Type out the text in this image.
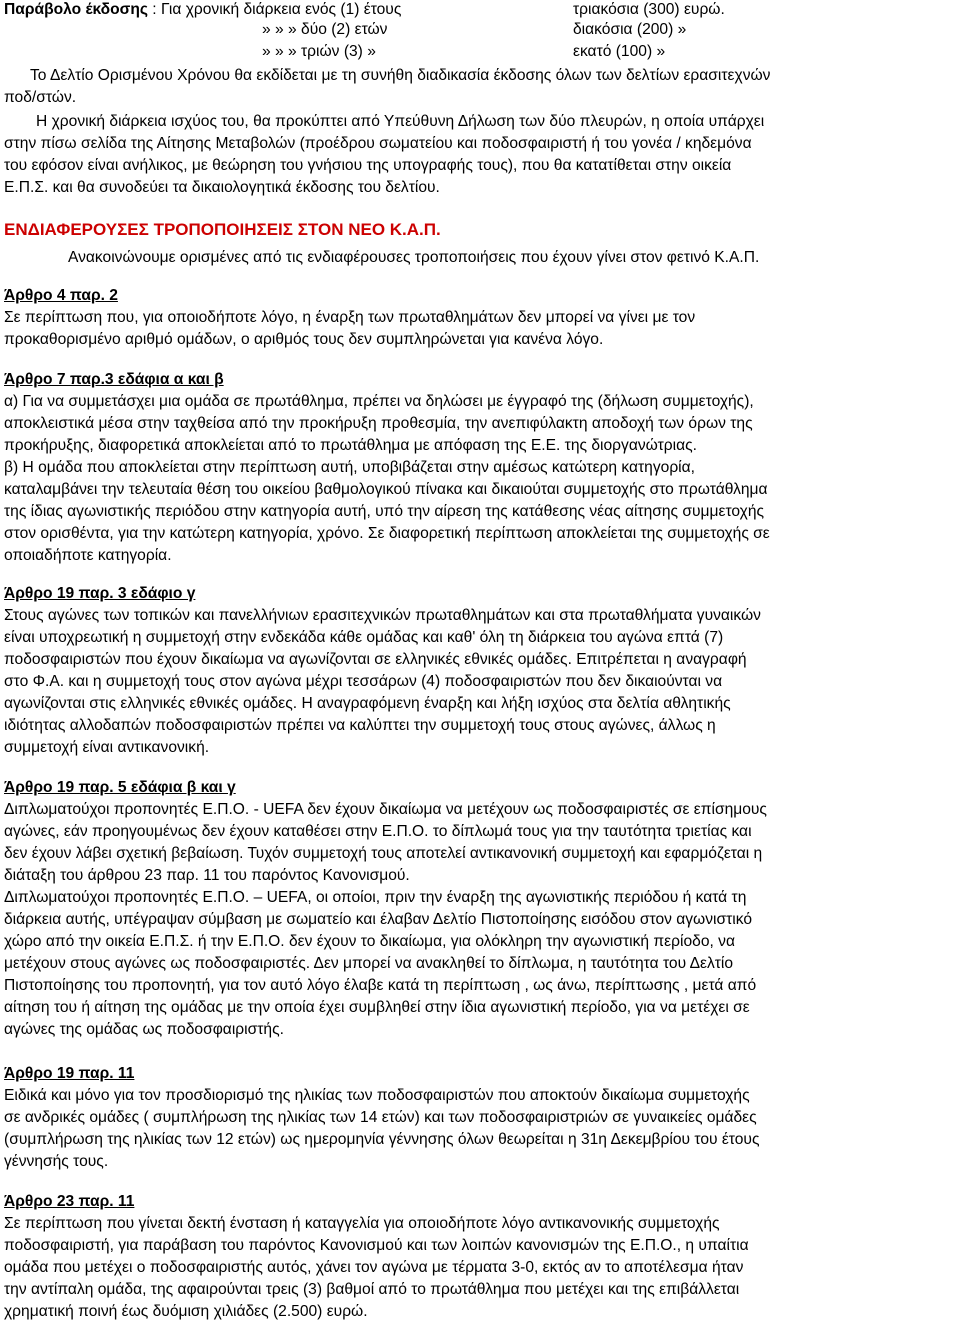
Παράβολο έκδοσης : Για χρονική διάρκεια ενός (1) έτους	τριακόσια (300) ευρώ.
» » » δύο (2) ετών	διακόσια (200) »
» » » τριών (3) »	εκατό (100) »
Το Δελτίο Ορισμένου Χρόνου θα εκδίδεται με τη συνήθη διαδικασία έκδοσης όλων των δελτίων ερασιτεχνών
ποδ/στών.
Η χρονική διάρκεια ισχύος του, θα προκύπτει από Υπεύθυνη Δήλωση των δύο πλευρών, η οποία υπάρχει
στην πίσω σελίδα της Αίτησης Μεταβολών (προέδρου σωματείου και ποδοσφαιριστή ή του γονέα / κηδεμόνα
του εφόσον είναι ανήλικος, με θεώρηση του γνήσιου της υπογραφής τους), που θα κατατίθεται στην οικεία
Ε.Π.Σ. και θα συνοδεύει τα δικαιολογητικά έκδοσης του δελτίου.
ΕΝΔΙΑΦΕΡΟΥΣΕΣ ΤΡΟΠΟΠΟΙΗΣΕΙΣ ΣΤΟΝ ΝΕΟ Κ.Α.Π.
Ανακοινώνουμε ορισμένες από τις ενδιαφέρουσες τροποποιήσεις που έχουν γίνει στον φετινό Κ.Α.Π.
Άρθρο 4 παρ. 2
Σε περίπτωση που, για οποιοδήποτε λόγο, η έναρξη των πρωταθλημάτων δεν μπορεί να γίνει με τον
προκαθορισμένο αριθμό ομάδων, ο αριθμός τους δεν συμπληρώνεται για κανένα λόγο.
Άρθρο 7 παρ.3 εδάφια α και β
α) Για να συμμετάσχει μια ομάδα σε πρωτάθλημα, πρέπει να δηλώσει με έγγραφό της (δήλωση συμμετοχής),
αποκλειστικά μέσα στην ταχθείσα από την προκήρυξη προθεσμία, την ανεπιφύλακτη αποδοχή των όρων της
προκήρυξης, διαφορετικά αποκλείεται από το πρωτάθλημα με απόφαση της Ε.Ε. της διοργανώτριας.
β) Η ομάδα που αποκλείεται στην περίπτωση αυτή, υποβιβάζεται στην αμέσως κατώτερη κατηγορία,
καταλαμβάνει την τελευταία θέση του οικείου βαθμολογικού πίνακα και δικαιούται συμμετοχής στο πρωτάθλημα
της ίδιας αγωνιστικής περιόδου στην κατηγορία αυτή, υπό την αίρεση της κατάθεσης νέας αίτησης συμμετοχής
στον ορισθέντα, για την κατώτερη κατηγορία, χρόνο. Σε διαφορετική περίπτωση αποκλείεται της συμμετοχής σε
οποιαδήποτε κατηγορία.
Άρθρο 19 παρ. 3 εδάφιο γ
Στους αγώνες των τοπικών και πανελλήνιων ερασιτεχνικών πρωταθλημάτων και στα πρωταθλήματα γυναικών
είναι υποχρεωτική η συμμετοχή στην ενδεκάδα κάθε ομάδας και καθ' όλη τη διάρκεια του αγώνα επτά (7)
ποδοσφαιριστών που έχουν δικαίωμα να αγωνίζονται σε ελληνικές εθνικές ομάδες. Επιτρέπεται η αναγραφή
στο Φ.Α. και η συμμετοχή τους στον αγώνα μέχρι τεσσάρων (4) ποδοσφαιριστών που δεν δικαιούνται να
αγωνίζονται στις ελληνικές εθνικές ομάδες. Η αναγραφόμενη έναρξη και λήξη ισχύος στα δελτία αθλητικής
ιδιότητας αλλοδαπών ποδοσφαιριστών πρέπει να καλύπτει την συμμετοχή τους στους αγώνες, άλλως η
συμμετοχή είναι αντικανονική.
Άρθρο 19 παρ. 5 εδάφια β και γ
Διπλωματούχοι προπονητές Ε.Π.Ο. - UEFA δεν έχουν δικαίωμα να μετέχουν ως ποδοσφαιριστές σε επίσημους
αγώνες, εάν προηγουμένως δεν έχουν καταθέσει στην Ε.Π.Ο. το δίπλωμά τους για την ταυτότητα τριετίας και
δεν έχουν λάβει σχετική βεβαίωση. Τυχόν συμμετοχή τους αποτελεί αντικανονική συμμετοχή και εφαρμόζεται η
διάταξη του άρθρου 23 παρ. 11 του παρόντος Κανονισμού.
Διπλωματούχοι προπονητές Ε.Π.Ο. – UEFA, οι οποίοι, πριν την έναρξη της αγωνιστικής περιόδου ή κατά τη
διάρκεια αυτής, υπέγραψαν σύμβαση με σωματείο και έλαβαν Δελτίο Πιστοποίησης εισόδου στον αγωνιστικό
χώρο από την οικεία Ε.Π.Σ. ή την Ε.Π.Ο. δεν έχουν το δικαίωμα, για ολόκληρη την αγωνιστική περίοδο, να
μετέχουν στους αγώνες ως ποδοσφαιριστές. Δεν μπορεί να ανακληθεί το δίπλωμα, η ταυτότητα του Δελτίο
Πιστοποίησης του προπονητή, για τον αυτό λόγο έλαβε κατά τη περίπτωση , ως άνω, περίπτωσης , μετά από
αίτηση του ή αίτηση της ομάδας με την οποία έχει συμβληθεί στην ίδια αγωνιστική περίοδο, για να μετέχει σε
αγώνες της ομάδας ως ποδοσφαιριστής.
Άρθρο 19 παρ. 11
Ειδικά και μόνο για τον προσδιορισμό της ηλικίας των ποδοσφαιριστών που αποκτούν δικαίωμα συμμετοχής
σε ανδρικές ομάδες ( συμπλήρωση της ηλικίας των 14 ετών) και των ποδοσφαιριστριών σε γυναικείες ομάδες
(συμπλήρωση της ηλικίας των 12 ετών) ως ημερομηνία γέννησης όλων θεωρείται η 31η Δεκεμβρίου του έτους
γέννησής τους.
Άρθρο 23 παρ. 11
Σε περίπτωση που γίνεται δεκτή ένσταση ή καταγγελία για οποιοδήποτε λόγο αντικανονικής συμμετοχής
ποδοσφαιριστή, για παράβαση του παρόντος Κανονισμού και των λοιπών κανονισμών της Ε.Π.Ο., η υπαίτια
ομάδα που μετέχει ο ποδοσφαιριστής αυτός, χάνει τον αγώνα με τέρματα 3-0, εκτός αν το αποτέλεσμα ήταν
την αντίπαλη ομάδα, της αφαιρούνται τρεις (3) βαθμοί από το πρωτάθλημα που μετέχει και της επιβάλλεται
χρηματική ποινή έως δυόμιση χιλιάδες (2.500) ευρώ.
